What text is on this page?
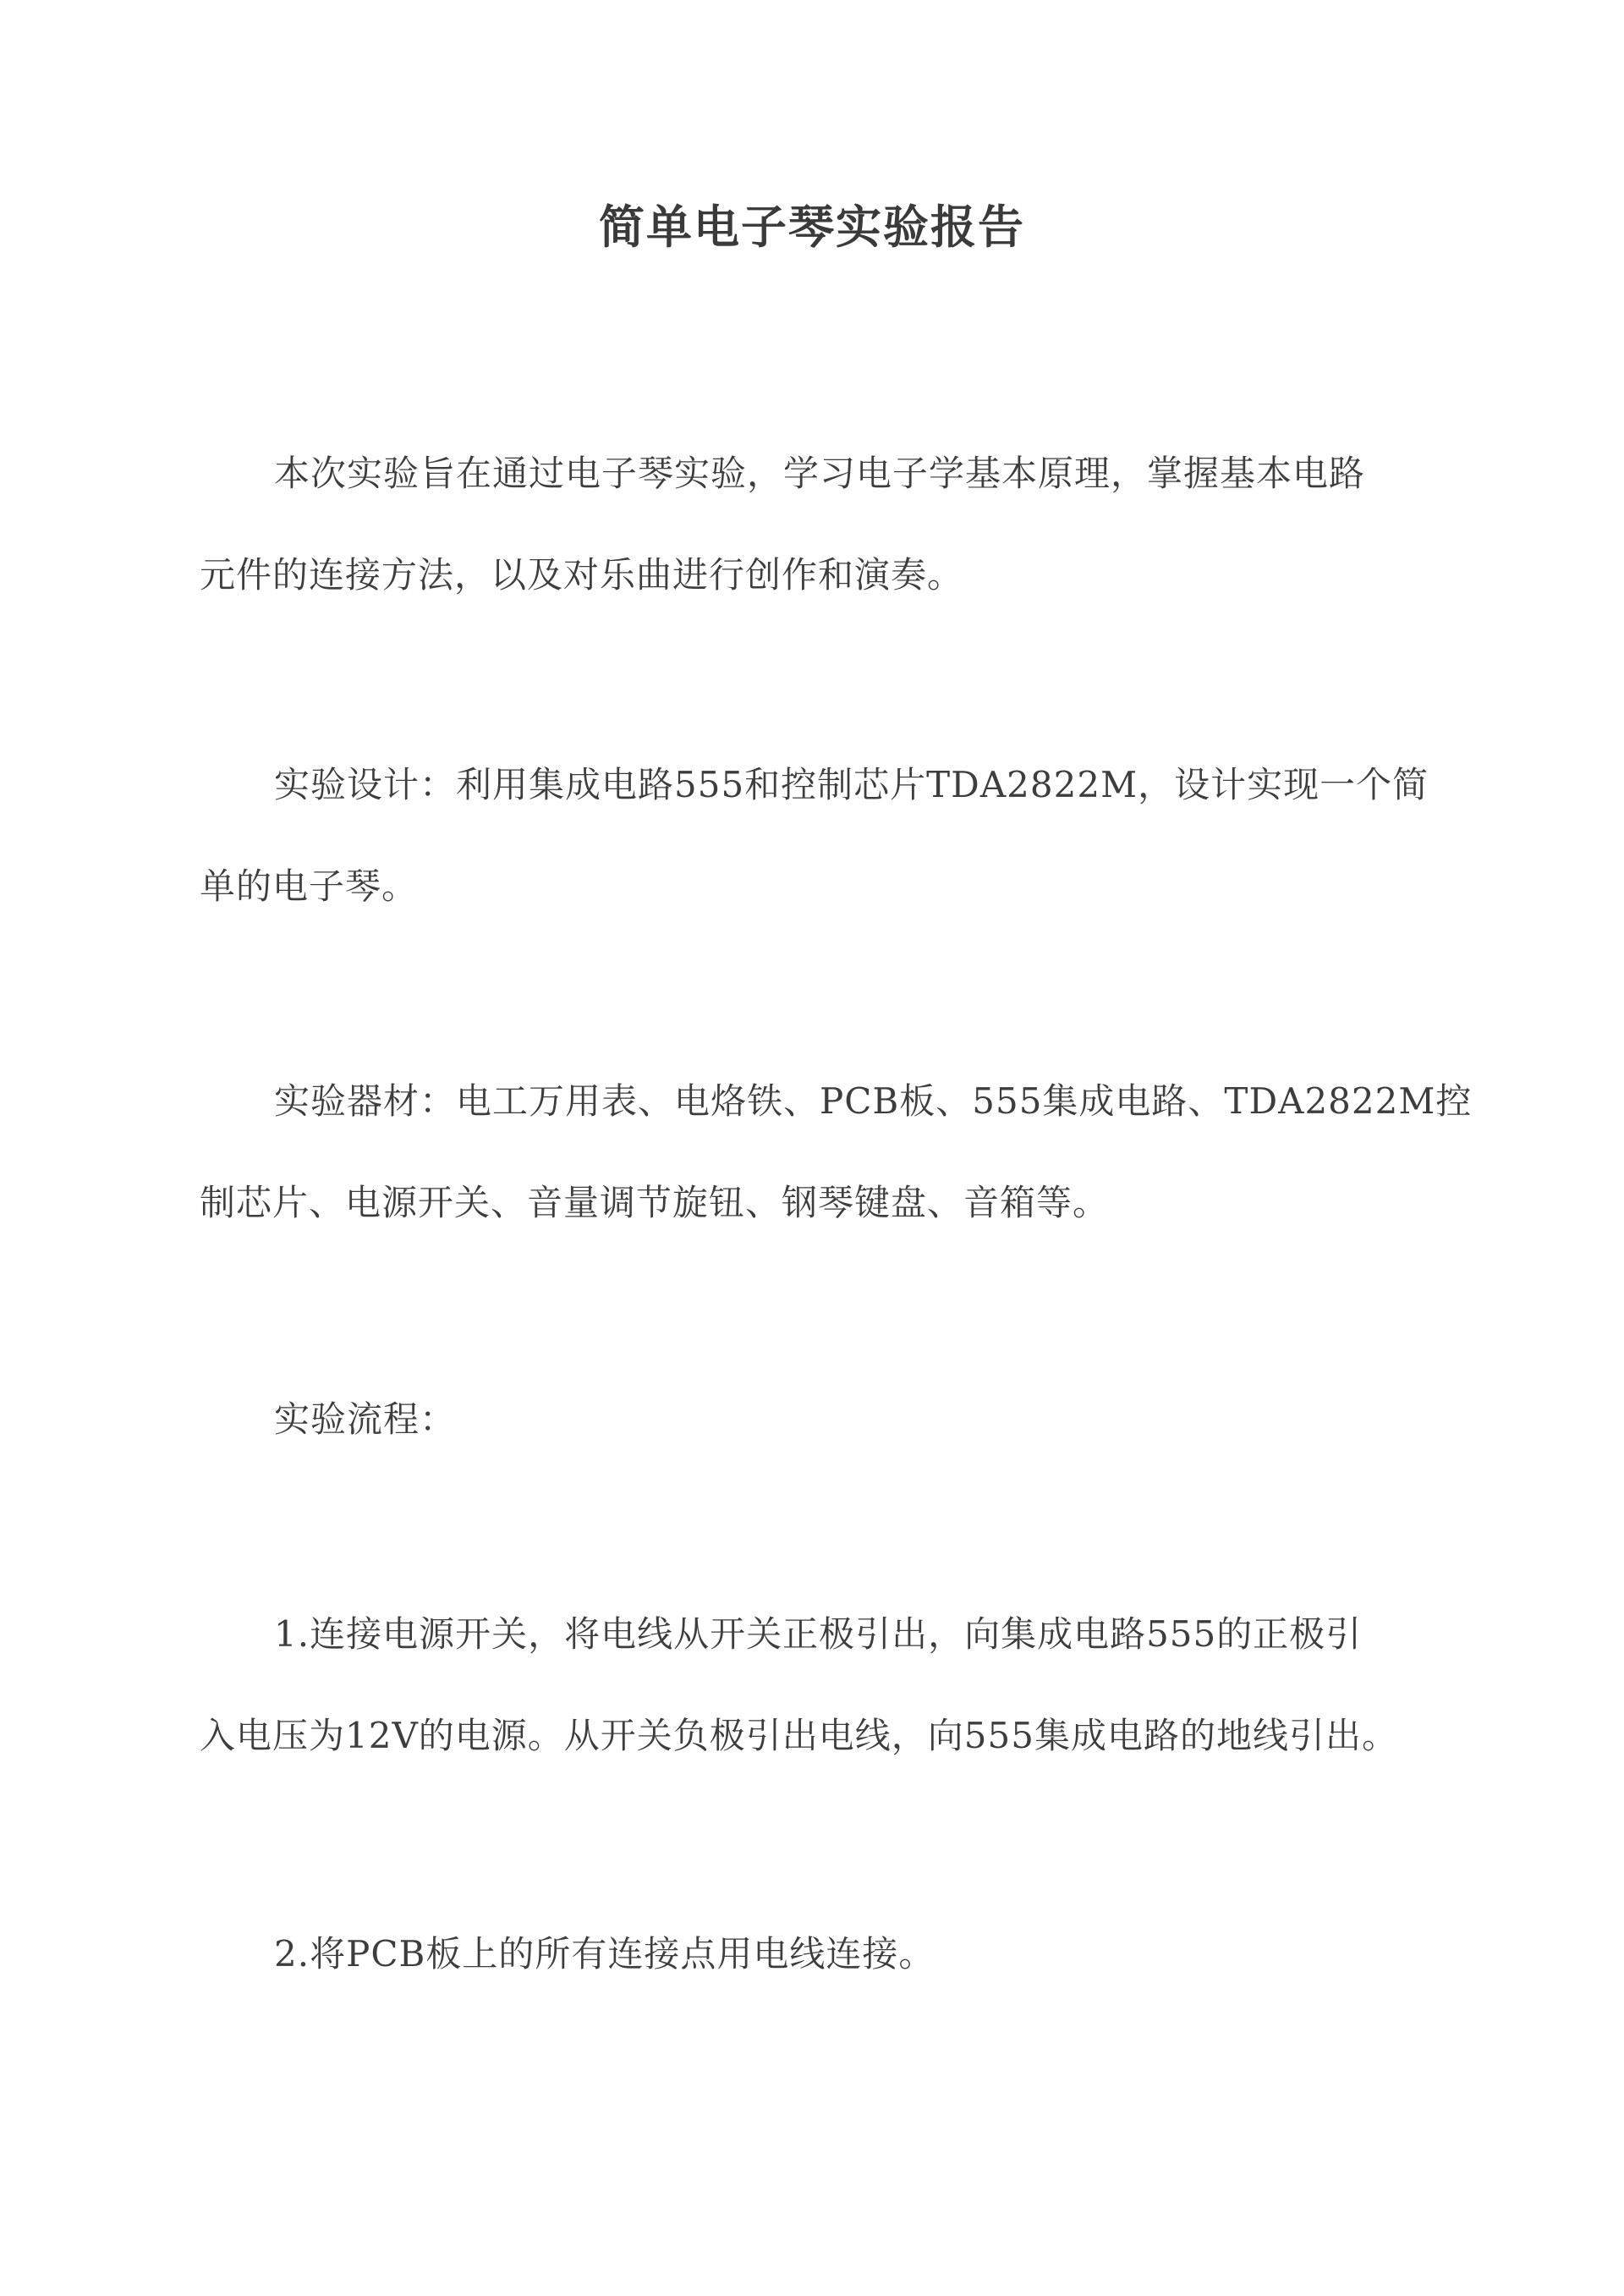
简单电子琴实验报告
本次实验旨在通过电子琴实验，学习电子学基本原理，掌握基本电路
元件的连接方法，以及对乐曲进行创作和演奏。
实验设计：利用集成电路555和控制芯片TDA2822M，设计实现一个简
单的电子琴。
实验器材：电工万用表、电烙铁、PCB板、555集成电路、TDA2822M控
制芯片、电源开关、音量调节旋钮、钢琴键盘、音箱等。
实验流程：
1.连接电源开关，将电线从开关正极引出，向集成电路555的正极引
入电压为12V的电源。从开关负极引出电线，向555集成电路的地线引出。
2.将PCB板上的所有连接点用电线连接。
